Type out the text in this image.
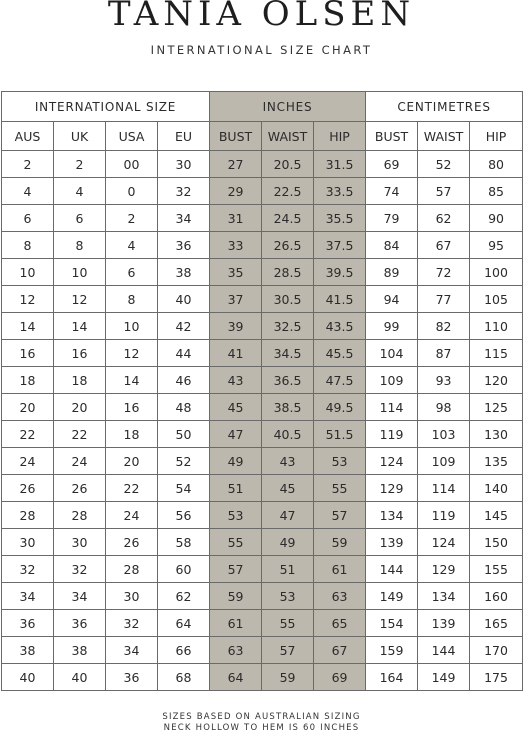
TANIA OLSEN
INTERNATIONAL SIZE CHART
INTERNATIONAL SIZE				INCHES			CENTIMETRES		
AUS	UK	USA	EU	BUST	WAIST	HIP	BUST	WAIST	HIP
2	2	00	30	27	20.5	31.5	69	52	80
4	4	0	32	29	22.5	33.5	74	57	85
6	6	2	34	31	24.5	35.5	79	62	90
8	8	4	36	33	26.5	37.5	84	67	95
10	10	6	38	35	28.5	39.5	89	72	100
12	12	8	40	37	30.5	41.5	94	77	105
14	14	10	42	39	32.5	43.5	99	82	110
16	16	12	44	41	34.5	45.5	104	87	115
18	18	14	46	43	36.5	47.5	109	93	120
20	20	16	48	45	38.5	49.5	114	98	125
22	22	18	50	47	40.5	51.5	119	103	130
24	24	20	52	49	43	53	124	109	135
26	26	22	54	51	45	55	129	114	140
28	28	24	56	53	47	57	134	119	145
30	30	26	58	55	49	59	139	124	150
32	32	28	60	57	51	61	144	129	155
34	34	30	62	59	53	63	149	134	160
36	36	32	64	61	55	65	154	139	165
38	38	34	66	63	57	67	159	144	170
40	40	36	68	64	59	69	164	149	175
SIZES BASED ON AUSTRALIAN SIZING
NECK HOLLOW TO HEM IS 60 INCHES
